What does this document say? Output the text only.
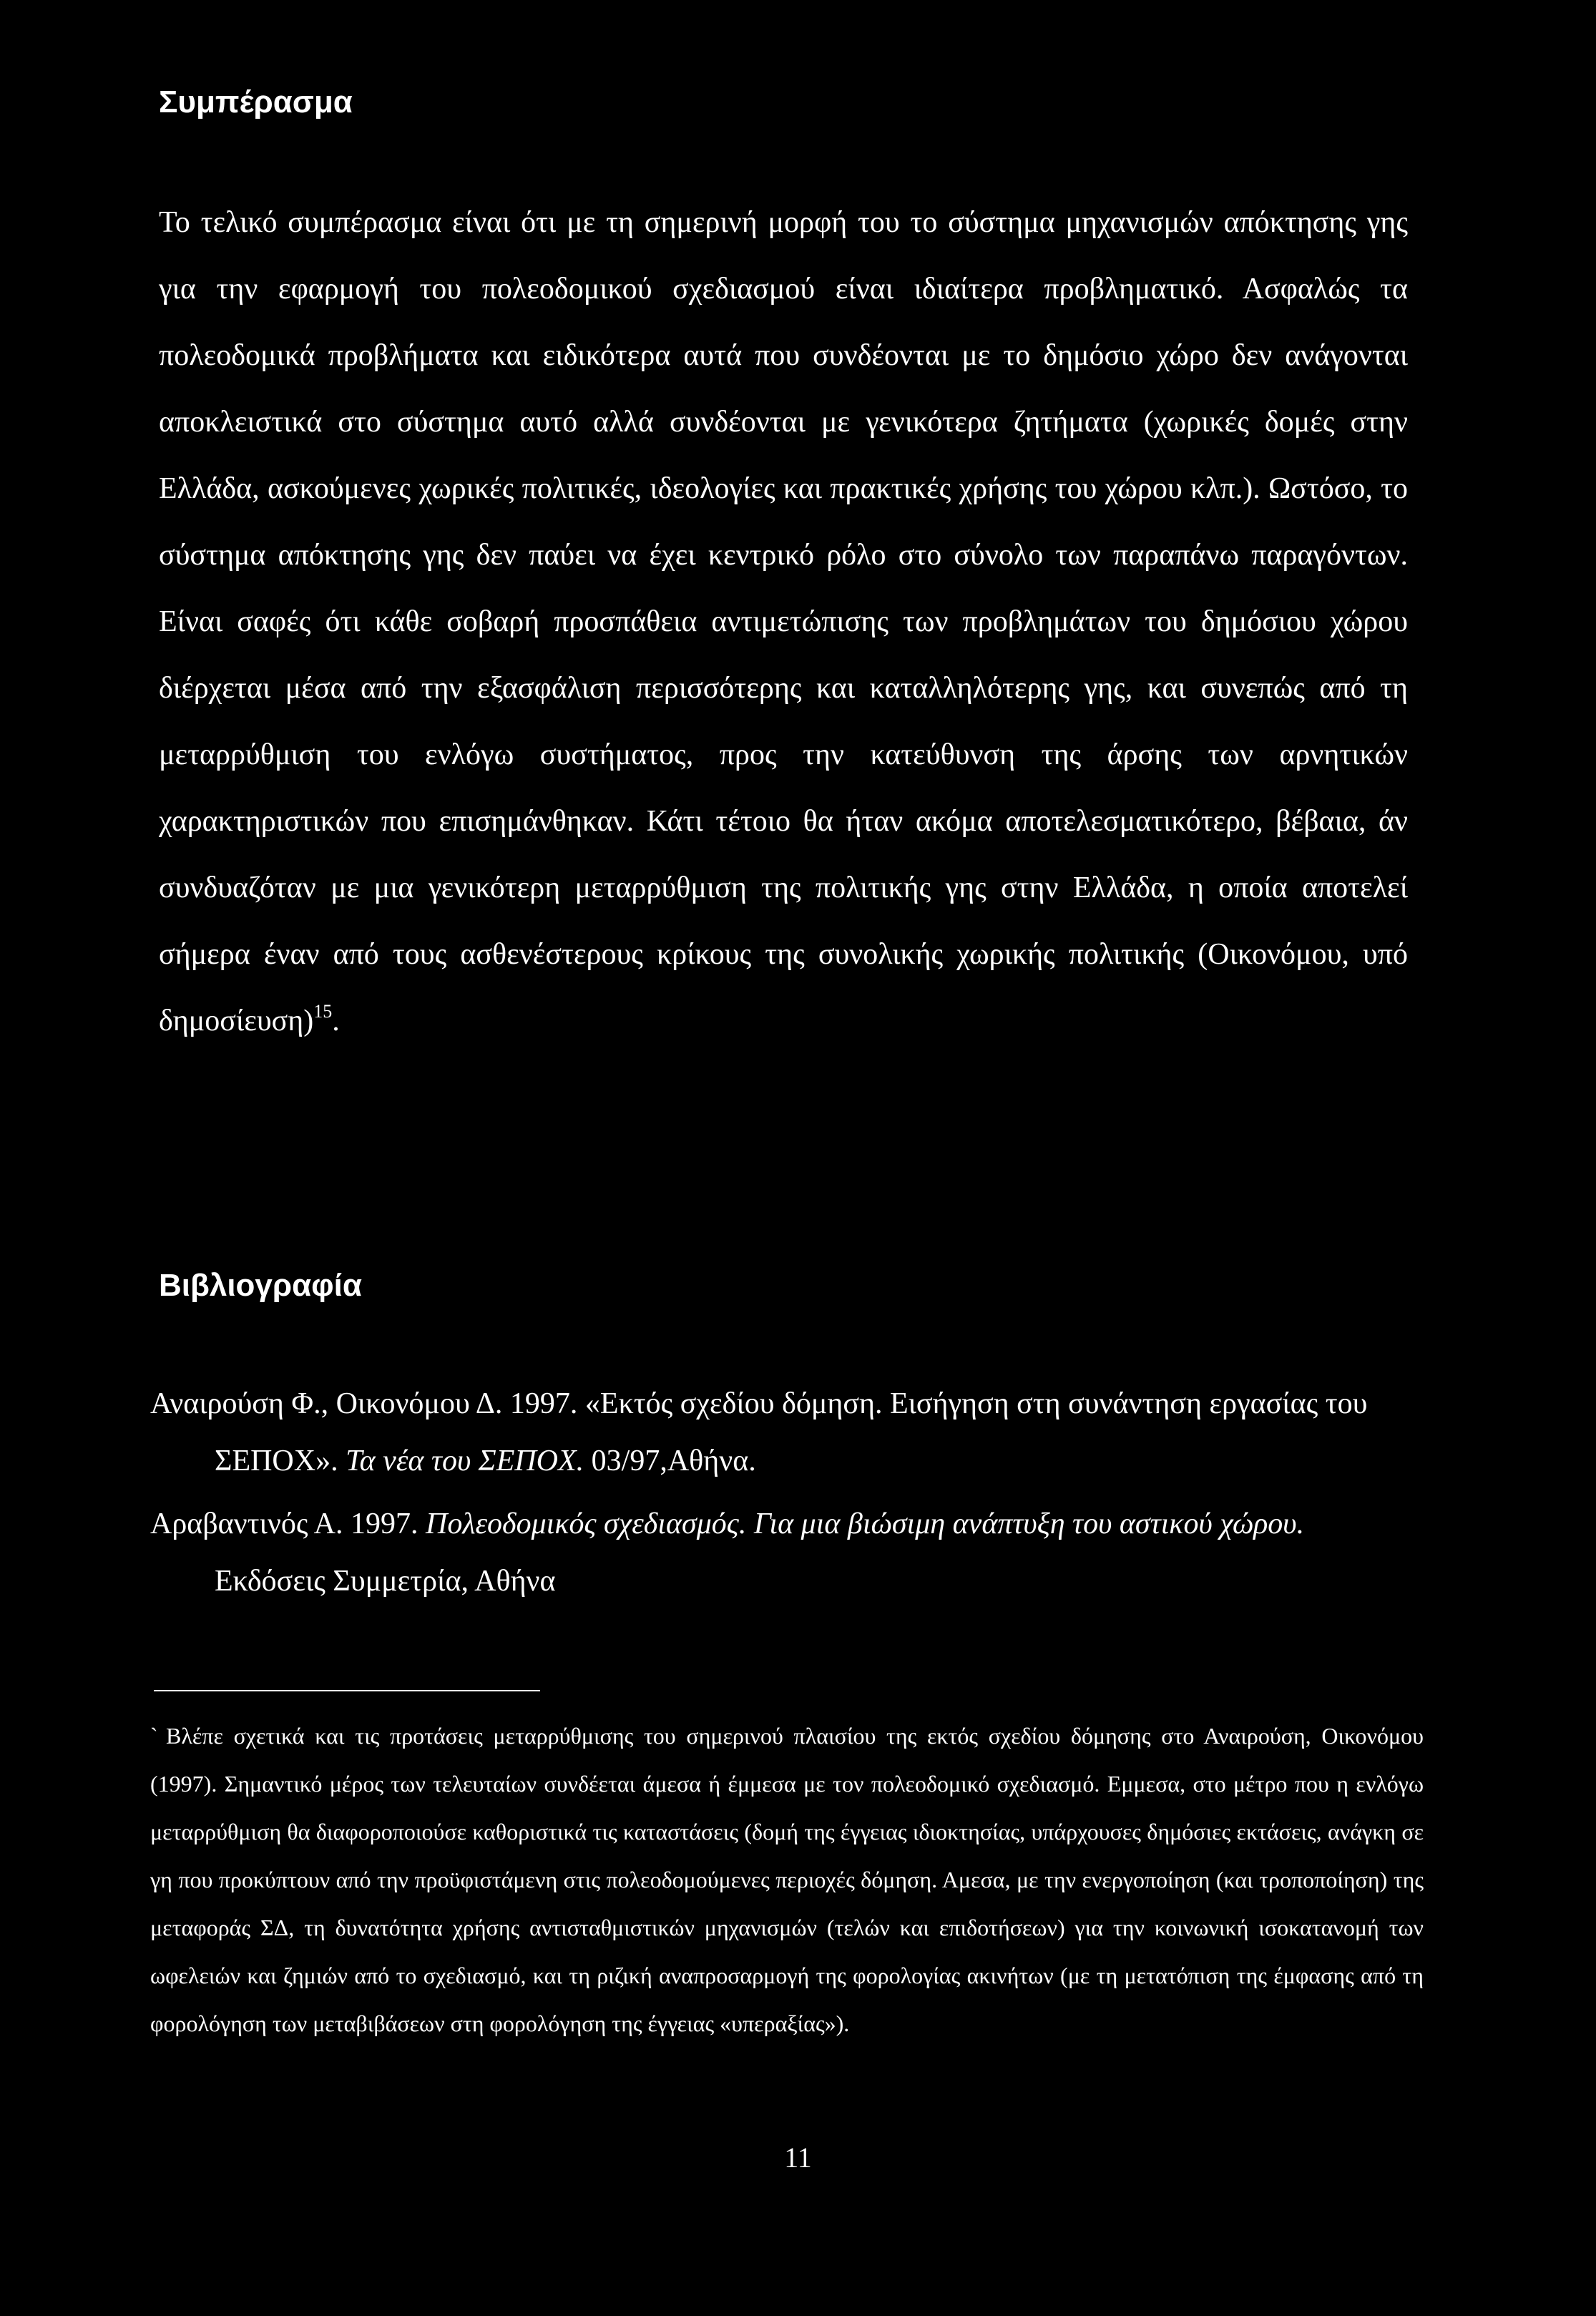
Συμπέρασμα

Το τελικό συμπέρασμα είναι ότι με τη σημερινή μορφή του το σύστημα μηχανισμών απόκτησης γης για την εφαρμογή του πολεοδομικού σχεδιασμού είναι ιδιαίτερα προβληματικό. Ασφαλώς τα πολεοδομικά προβλήματα και ειδικότερα αυτά που συνδέονται με το δημόσιο χώρο δεν ανάγονται αποκλειστικά στο σύστημα αυτό αλλά συνδέονται με γενικότερα ζητήματα (χωρικές δομές στην Ελλάδα, ασκούμενες χωρικές πολιτικές, ιδεολογίες και πρακτικές χρήσης του χώρου κλπ.). Ωστόσο, το σύστημα απόκτησης γης δεν παύει να έχει κεντρικό ρόλο στο σύνολο των παραπάνω παραγόντων. Είναι σαφές ότι κάθε σοβαρή προσπάθεια αντιμετώπισης των προβλημάτων του δημόσιου χώρου διέρχεται μέσα από την εξασφάλιση περισσότερης και καταλληλότερης γης, και συνεπώς από τη μεταρρύθμιση του ενλόγω συστήματος, προς την κατεύθυνση της άρσης των αρνητικών χαρακτηριστικών που επισημάνθηκαν. Κάτι τέτοιο θα ήταν ακόμα αποτελεσματικότερο, βέβαια, άν συνδυαζόταν με μια γενικότερη μεταρρύθμιση της πολιτικής γης στην Ελλάδα, η οποία αποτελεί σήμερα έναν από τους ασθενέστερους κρίκους της συνολικής χωρικής πολιτικής (Οικονόμου, υπό δημοσίευση)$^{15}$.

Βιβλιογραφία

Αναιρούση Φ., Οικονόμου Δ. 1997. «Εκτός σχεδίου δόμηση. Εισήγηση στη συνάντηση εργασίας του ΣΕΠΟΧ». Τα νέα του ΣΕΠΟΧ. 03/97,Αθήνα.

Αραβαντινός Α. 1997. Πολεοδομικός σχεδιασμός. Για μια βιώσιμη ανάπτυξη του αστικού χώρου. Εκδόσεις Συμμετρία, Αθήνα

` Βλέπε σχετικά και τις προτάσεις μεταρρύθμισης του σημερινού πλαισίου της εκτός σχεδίου δόμησης στο Αναιρούση, Οικονόμου (1997). Σημαντικό μέρος των τελευταίων συνδέεται άμεσα ή έμμεσα με τον πολεοδομικό σχεδιασμό. Εμμεσα, στο μέτρο που η ενλόγω μεταρρύθμιση θα διαφοροποιούσε καθοριστικά τις καταστάσεις (δομή της έγγειας ιδιοκτησίας, υπάρχουσες δημόσιες εκτάσεις, ανάγκη σε γη που προκύπτουν από την προϋφιστάμενη στις πολεοδομούμενες περιοχές δόμηση. Αμεσα, με την ενεργοποίηση (και τροποποίηση) της μεταφοράς ΣΔ, τη δυνατότητα χρήσης αντισταθμιστικών μηχανισμών (τελών και επιδοτήσεων) για την κοινωνική ισοκατανομή των ωφελειών και ζημιών από το σχεδιασμό, και τη ριζική αναπροσαρμογή της φορολογίας ακινήτων (με τη μετατόπιση της έμφασης από τη φορολόγηση των μεταβιβάσεων στη φορολόγηση της έγγειας «υπεραξίας»).

11
